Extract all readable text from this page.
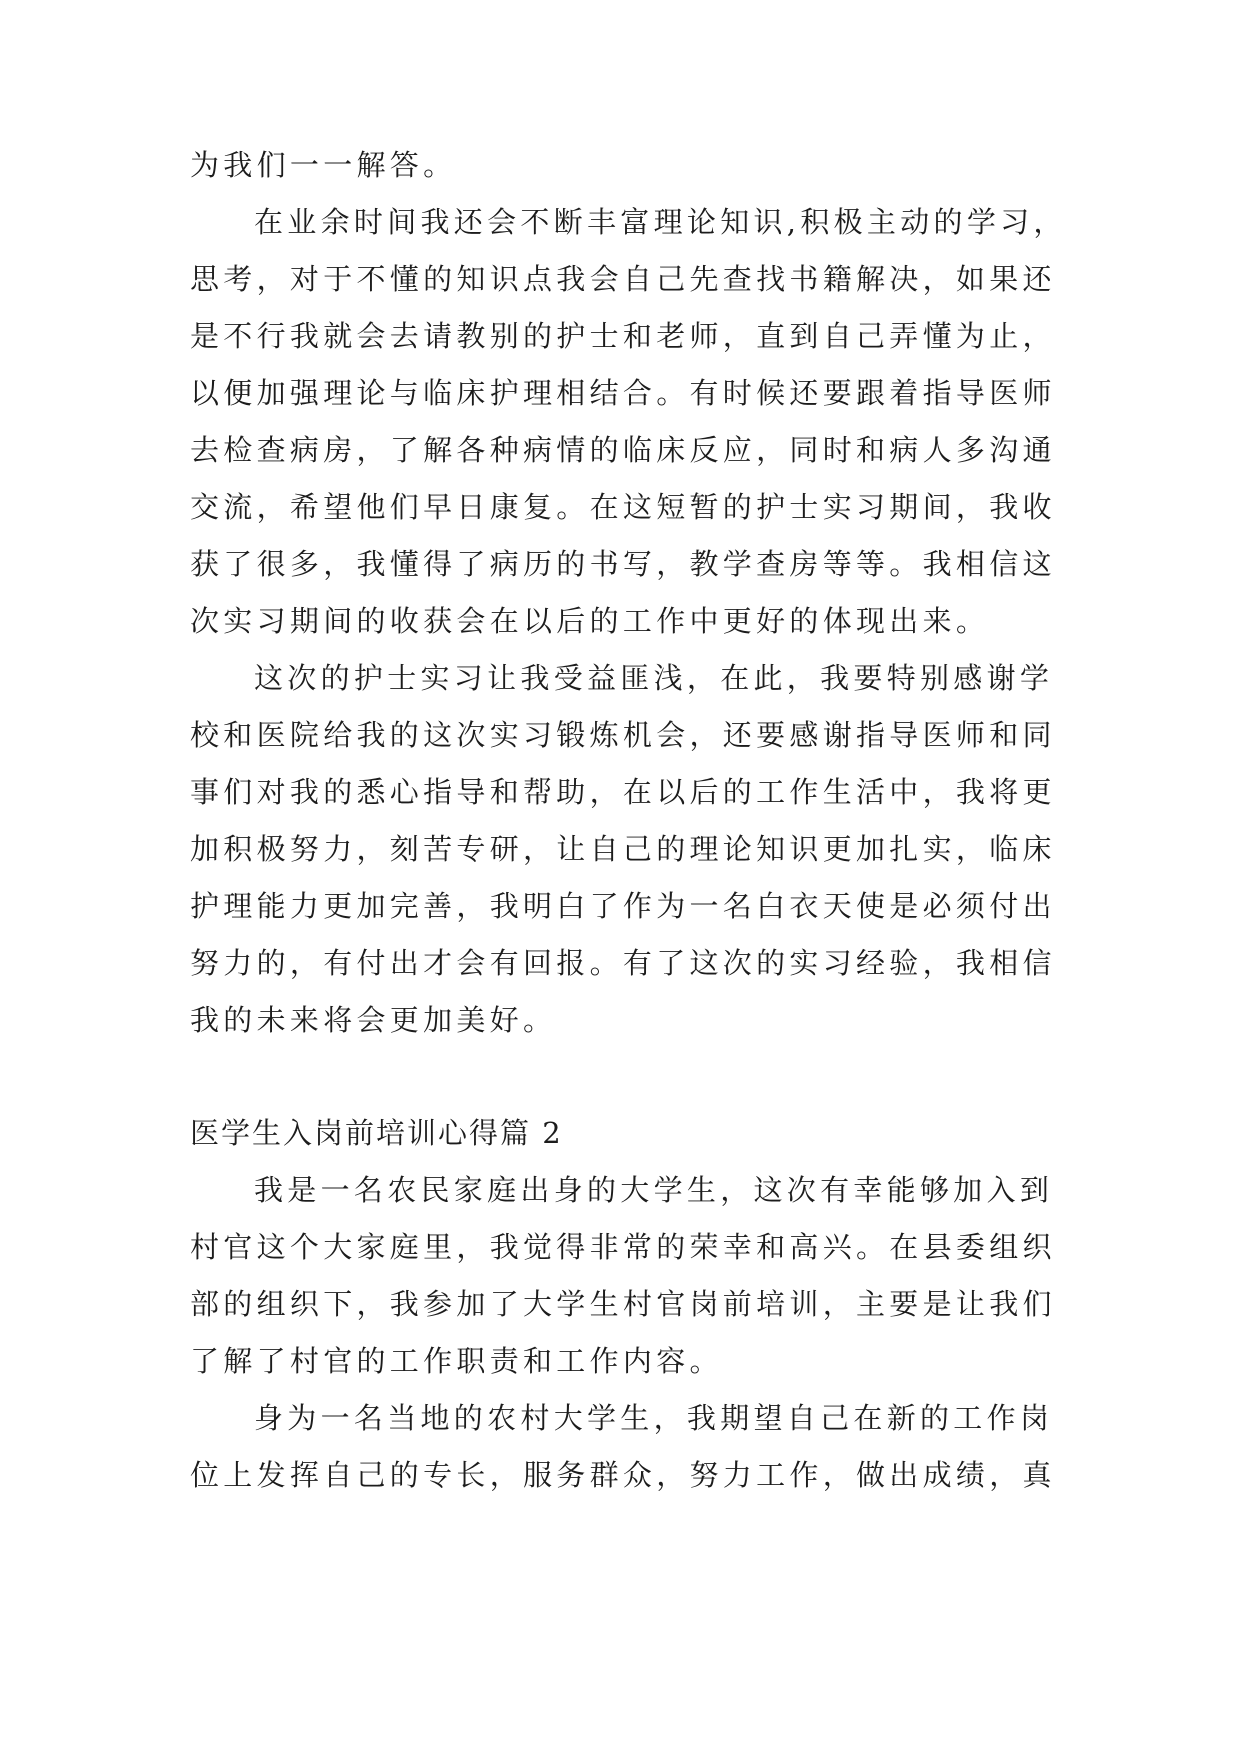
为我们一一解答。

在业余时间我还会不断丰富理论知识,积极主动的学习，

思考，对于不懂的知识点我会自己先查找书籍解决，如果还

是不行我就会去请教别的护士和老师，直到自己弄懂为止，

以便加强理论与临床护理相结合。有时候还要跟着指导医师

去检查病房，了解各种病情的临床反应，同时和病人多沟通

交流，希望他们早日康复。在这短暂的护士实习期间，我收

获了很多，我懂得了病历的书写，教学查房等等。我相信这

次实习期间的收获会在以后的工作中更好的体现出来。

这次的护士实习让我受益匪浅，在此，我要特别感谢学

校和医院给我的这次实习锻炼机会，还要感谢指导医师和同

事们对我的悉心指导和帮助，在以后的工作生活中，我将更

加积极努力，刻苦专研，让自己的理论知识更加扎实，临床

护理能力更加完善，我明白了作为一名白衣天使是必须付出

努力的，有付出才会有回报。有了这次的实习经验，我相信

我的未来将会更加美好。

医学生入岗前培训心得篇 2

我是一名农民家庭出身的大学生，这次有幸能够加入到

村官这个大家庭里，我觉得非常的荣幸和高兴。在县委组织

部的组织下，我参加了大学生村官岗前培训，主要是让我们

了解了村官的工作职责和工作内容。

身为一名当地的农村大学生，我期望自己在新的工作岗

位上发挥自己的专长，服务群众，努力工作，做出成绩，真
